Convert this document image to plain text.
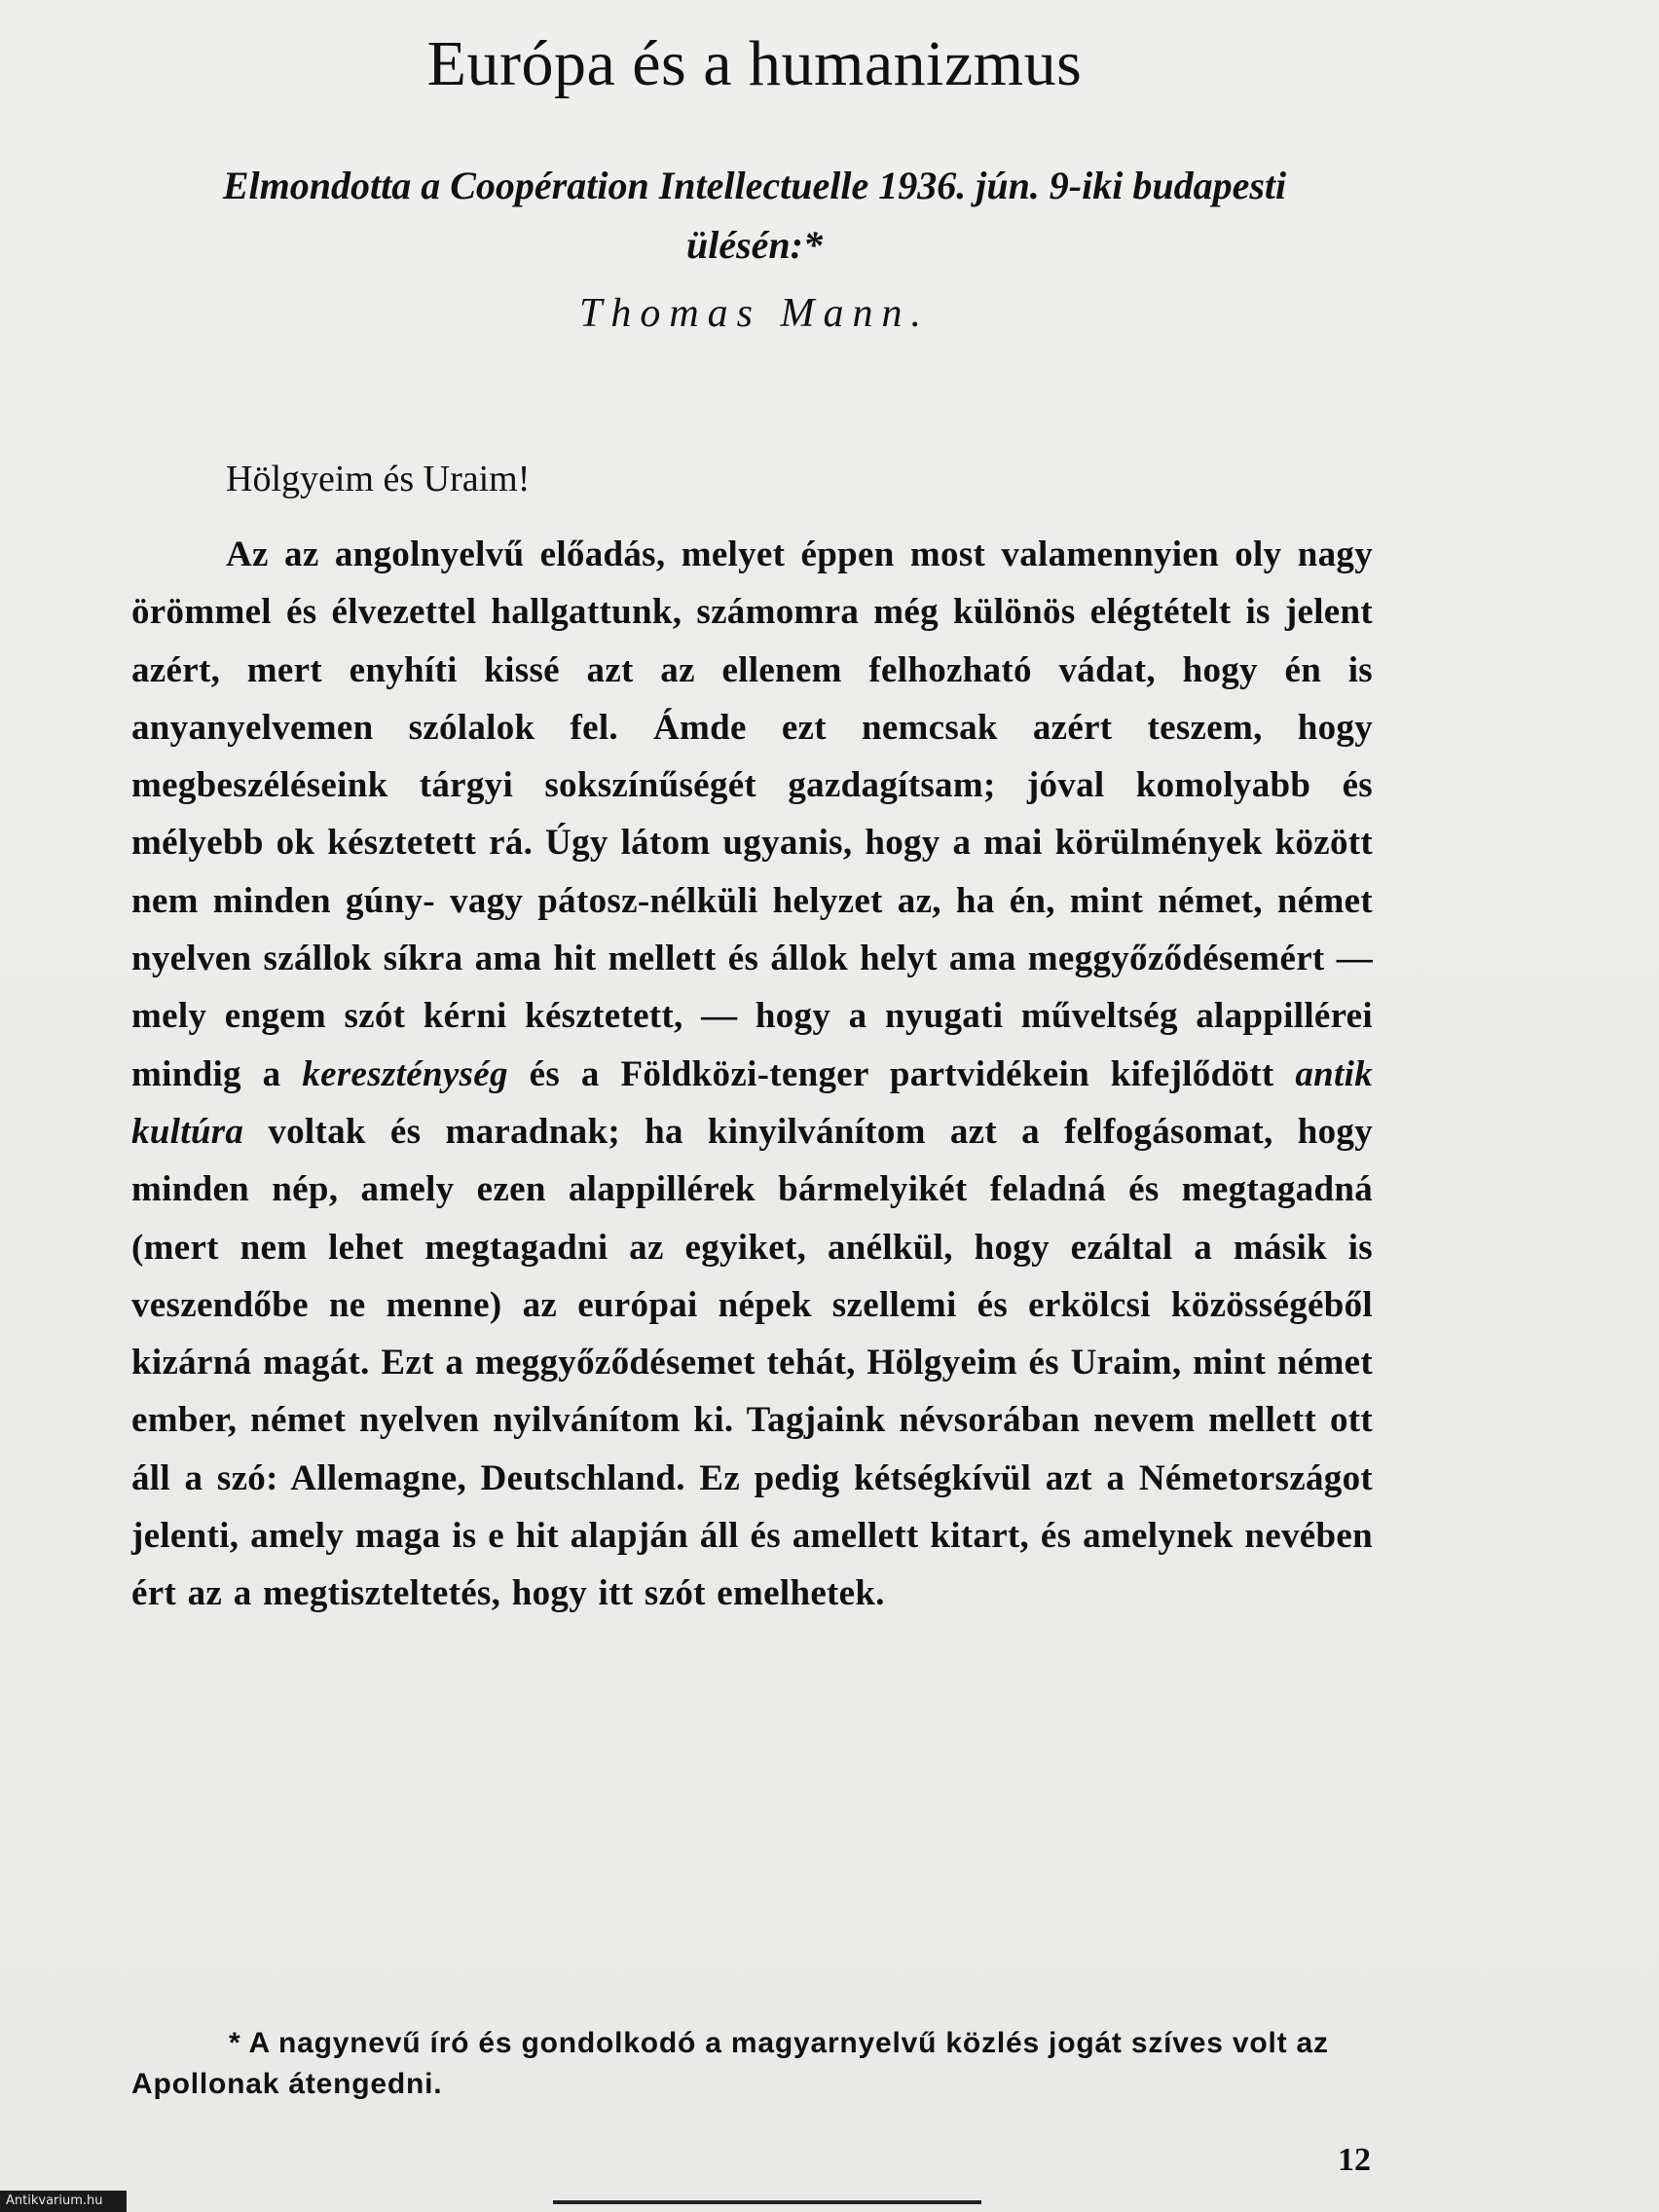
Európa és a humanizmus

Elmondotta a Coopération Intellectuelle 1936. jún. 9-iki budapesti ülésén:*

Thomas Mann.

Hölgyeim és Uraim!

Az az angolnyelvű előadás, melyet éppen most valamennyien oly nagy örömmel és élvezettel hallgattunk, számomra még különös elégtételt is jelent azért, mert enyhíti kissé azt az ellenem felhozható vádat, hogy én is anyanyelvemen szólalok fel. Ámde ezt nemcsak azért teszem, hogy megbeszéléseink tárgyi sokszínűségét gazdagítsam; jóval komolyabb és mélyebb ok késztetett rá. Úgy látom ugyanis, hogy a mai körülmények között nem minden gúny- vagy pátosz-nélküli helyzet az, ha én, mint német, német nyelven szállok síkra ama hit mellett és állok helyt ama meggyőződésemért — mely engem szót kérni késztetett, — hogy a nyugati műveltség alappillérei mindig a kereszténység és a Földközi-tenger partvidékein kifejlődött antik kultúra voltak és maradnak; ha kinyilvánítom azt a felfogásomat, hogy minden nép, amely ezen alappillérek bármelyikét feladná és megtagadná (mert nem lehet megtagadni az egyiket, anélkül, hogy ezáltal a másik is veszendőbe ne menne) az európai népek szellemi és erkölcsi közösségéből kizárná magát. Ezt a meggyőződésemet tehát, Hölgyeim és Uraim, mint német ember, német nyelven nyilvánítom ki. Tagjaink névsorában nevem mellett ott áll a szó: Allemagne, Deutschland. Ez pedig kétségkívül azt a Németországot jelenti, amely maga is e hit alapján áll és amellett kitart, és amelynek nevében ért az a megtiszteltetés, hogy itt szót emelhetek.

* A nagynevű író és gondolkodó a magyarnyelvű közlés jogát szíves volt az Apollonak átengedni.

12

Antikvarium.hu
